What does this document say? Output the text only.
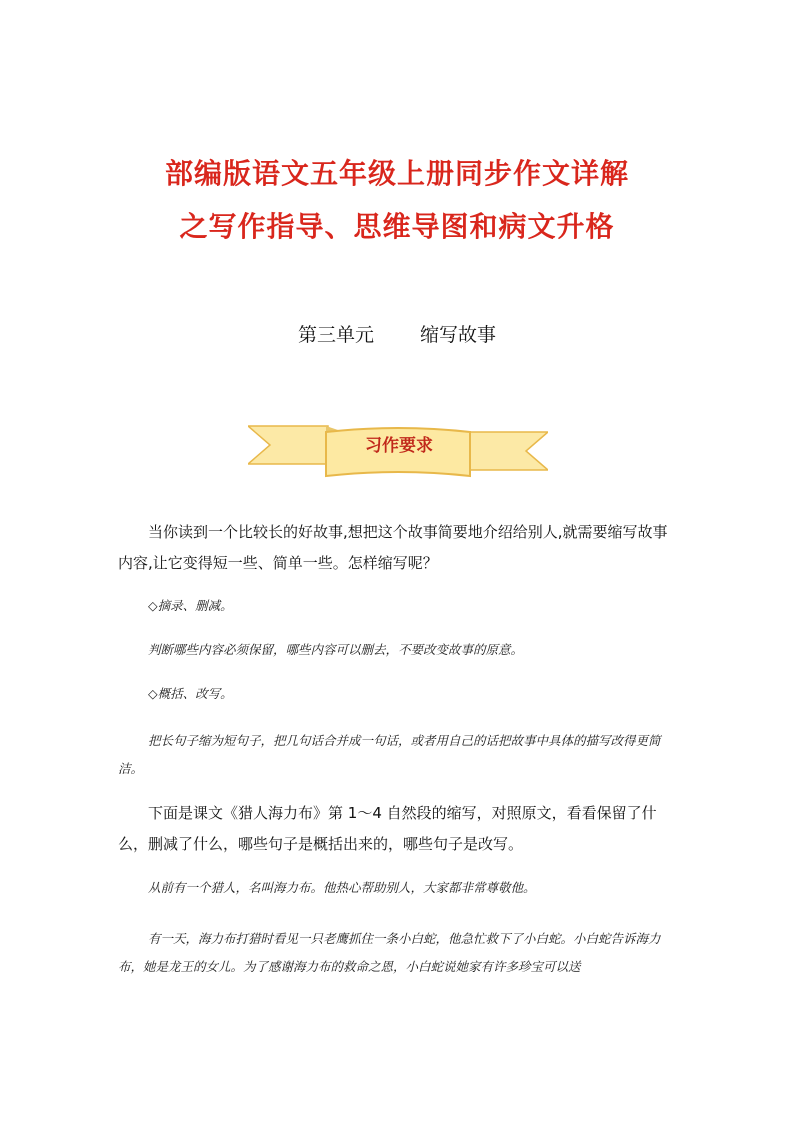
部编版语文五年级上册同步作文详解
之写作指导、思维导图和病文升格
第三单元 缩写故事
习作要求

当你读到一个比较长的好故事,想把这个故事简要地介绍给别人,就需要缩写故事内容,让它变得短一些、简单一些。怎样缩写呢？

◇摘录、删减。

判断哪些内容必须保留，哪些内容可以删去，不要改变故事的原意。

◇概括、改写。

把长句子缩为短句子，把几句话合并成一句话，或者用自己的话把故事中具体的描写改得更简洁。

下面是课文《猎人海力布》第 1～4 自然段的缩写，对照原文，看看保留了什么，删减了什么，哪些句子是概括出来的，哪些句子是改写。

从前有一个猎人，名叫海力布。他热心帮助别人，大家都非常尊敬他。

有一天，海力布打猎时看见一只老鹰抓住一条小白蛇，他急忙救下了小白蛇。小白蛇告诉海力布，她是龙王的女儿。为了感谢海力布的救命之恩，小白蛇说她家有许多珍宝可以送
